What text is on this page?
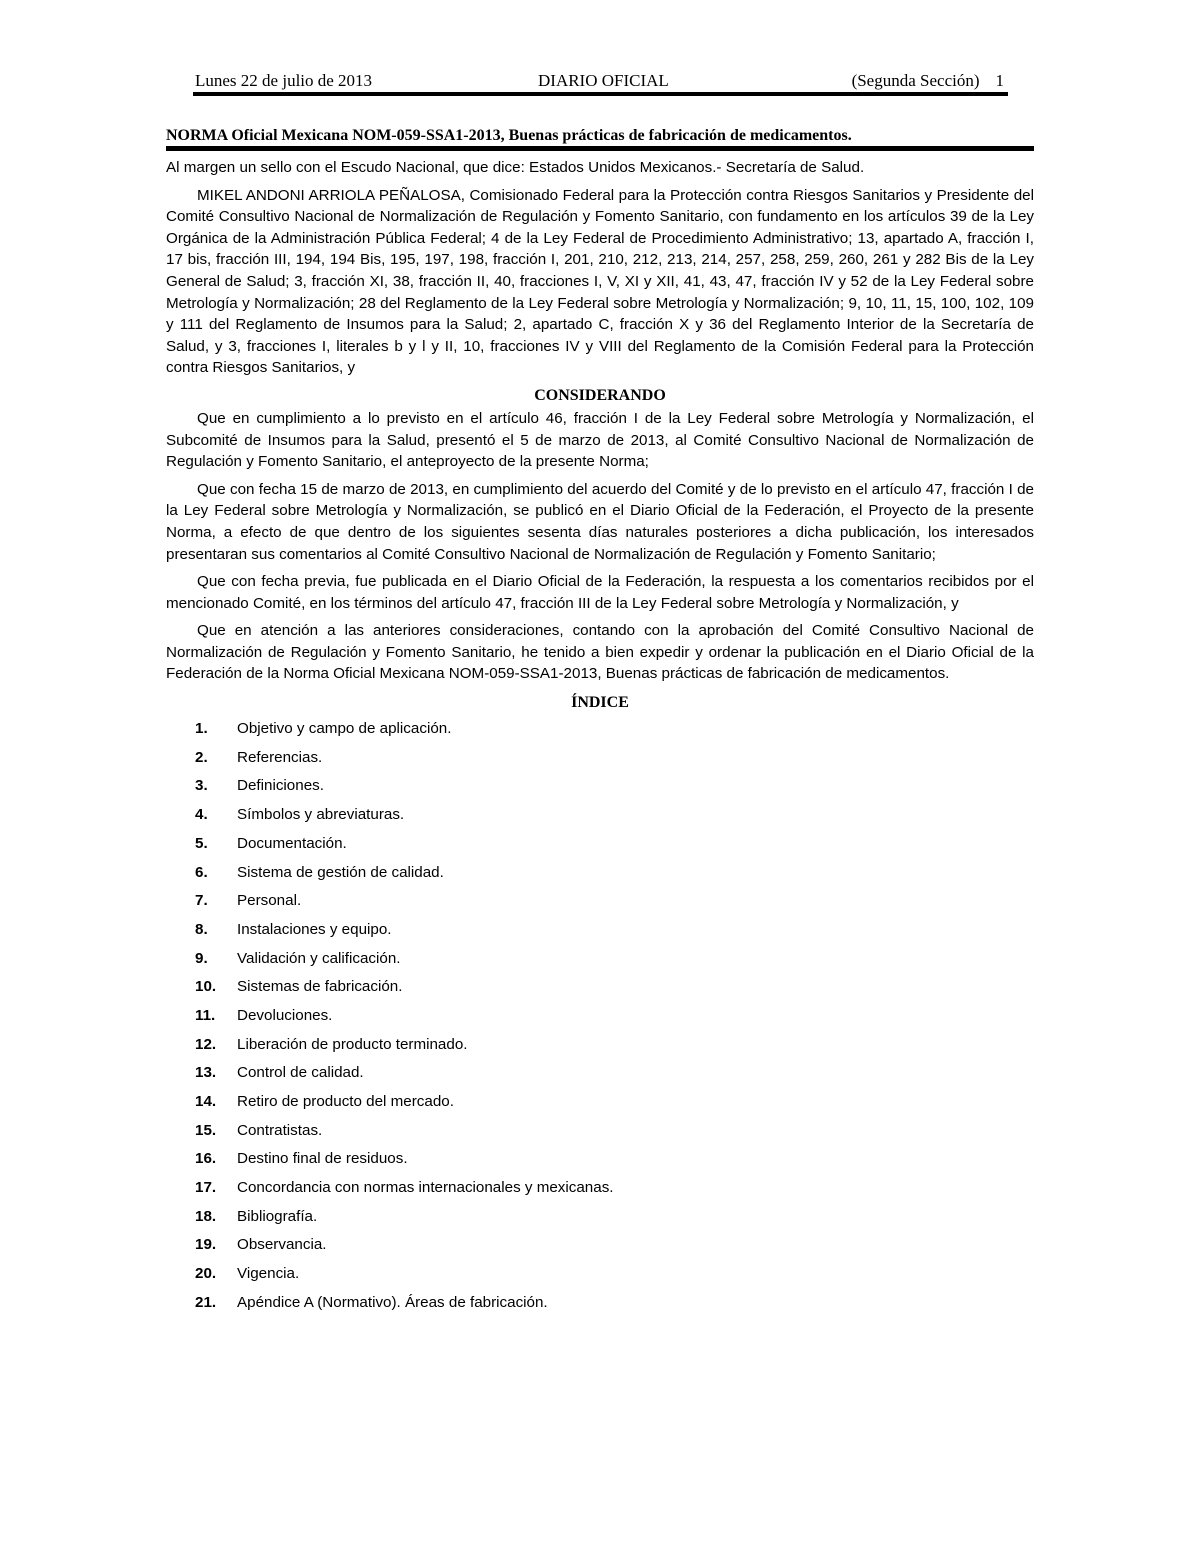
Lunes 22 de julio de 2013	DIARIO OFICIAL	(Segunda Sección) 1
NORMA Oficial Mexicana NOM-059-SSA1-2013, Buenas prácticas de fabricación de medicamentos.

Al margen un sello con el Escudo Nacional, que dice: Estados Unidos Mexicanos.- Secretaría de Salud.

MIKEL ANDONI ARRIOLA PEÑALOSA, Comisionado Federal para la Protección contra Riesgos Sanitarios y Presidente del Comité Consultivo Nacional de Normalización de Regulación y Fomento Sanitario, con fundamento en los artículos 39 de la Ley Orgánica de la Administración Pública Federal; 4 de la Ley Federal de Procedimiento Administrativo; 13, apartado A, fracción I, 17 bis, fracción III, 194, 194 Bis, 195, 197, 198, fracción I, 201, 210, 212, 213, 214, 257, 258, 259, 260, 261 y 282 Bis de la Ley General de Salud; 3, fracción XI, 38, fracción II, 40, fracciones I, V, XI y XII, 41, 43, 47, fracción IV y 52 de la Ley Federal sobre Metrología y Normalización; 28 del Reglamento de la Ley Federal sobre Metrología y Normalización; 9, 10, 11, 15, 100, 102, 109 y 111 del Reglamento de Insumos para la Salud; 2, apartado C, fracción X y 36 del Reglamento Interior de la Secretaría de Salud, y 3, fracciones I, literales b y l y II, 10, fracciones IV y VIII del Reglamento de la Comisión Federal para la Protección contra Riesgos Sanitarios, y

CONSIDERANDO

Que en cumplimiento a lo previsto en el artículo 46, fracción I de la Ley Federal sobre Metrología y Normalización, el Subcomité de Insumos para la Salud, presentó el 5 de marzo de 2013, al Comité Consultivo Nacional de Normalización de Regulación y Fomento Sanitario, el anteproyecto de la presente Norma;

Que con fecha 15 de marzo de 2013, en cumplimiento del acuerdo del Comité y de lo previsto en el artículo 47, fracción I de la Ley Federal sobre Metrología y Normalización, se publicó en el Diario Oficial de la Federación, el Proyecto de la presente Norma, a efecto de que dentro de los siguientes sesenta días naturales posteriores a dicha publicación, los interesados presentaran sus comentarios al Comité Consultivo Nacional de Normalización de Regulación y Fomento Sanitario;

Que con fecha previa, fue publicada en el Diario Oficial de la Federación, la respuesta a los comentarios recibidos por el mencionado Comité, en los términos del artículo 47, fracción III de la Ley Federal sobre Metrología y Normalización, y

Que en atención a las anteriores consideraciones, contando con la aprobación del Comité Consultivo Nacional de Normalización de Regulación y Fomento Sanitario, he tenido a bien expedir y ordenar la publicación en el Diario Oficial de la Federación de la Norma Oficial Mexicana NOM-059-SSA1-2013, Buenas prácticas de fabricación de medicamentos.

ÍNDICE
1. Objetivo y campo de aplicación.
2. Referencias.
3. Definiciones.
4. Símbolos y abreviaturas.
5. Documentación.
6. Sistema de gestión de calidad.
7. Personal.
8. Instalaciones y equipo.
9. Validación y calificación.
10. Sistemas de fabricación.
11. Devoluciones.
12. Liberación de producto terminado.
13. Control de calidad.
14. Retiro de producto del mercado.
15. Contratistas.
16. Destino final de residuos.
17. Concordancia con normas internacionales y mexicanas.
18. Bibliografía.
19. Observancia.
20. Vigencia.
21. Apéndice A (Normativo). Áreas de fabricación.
